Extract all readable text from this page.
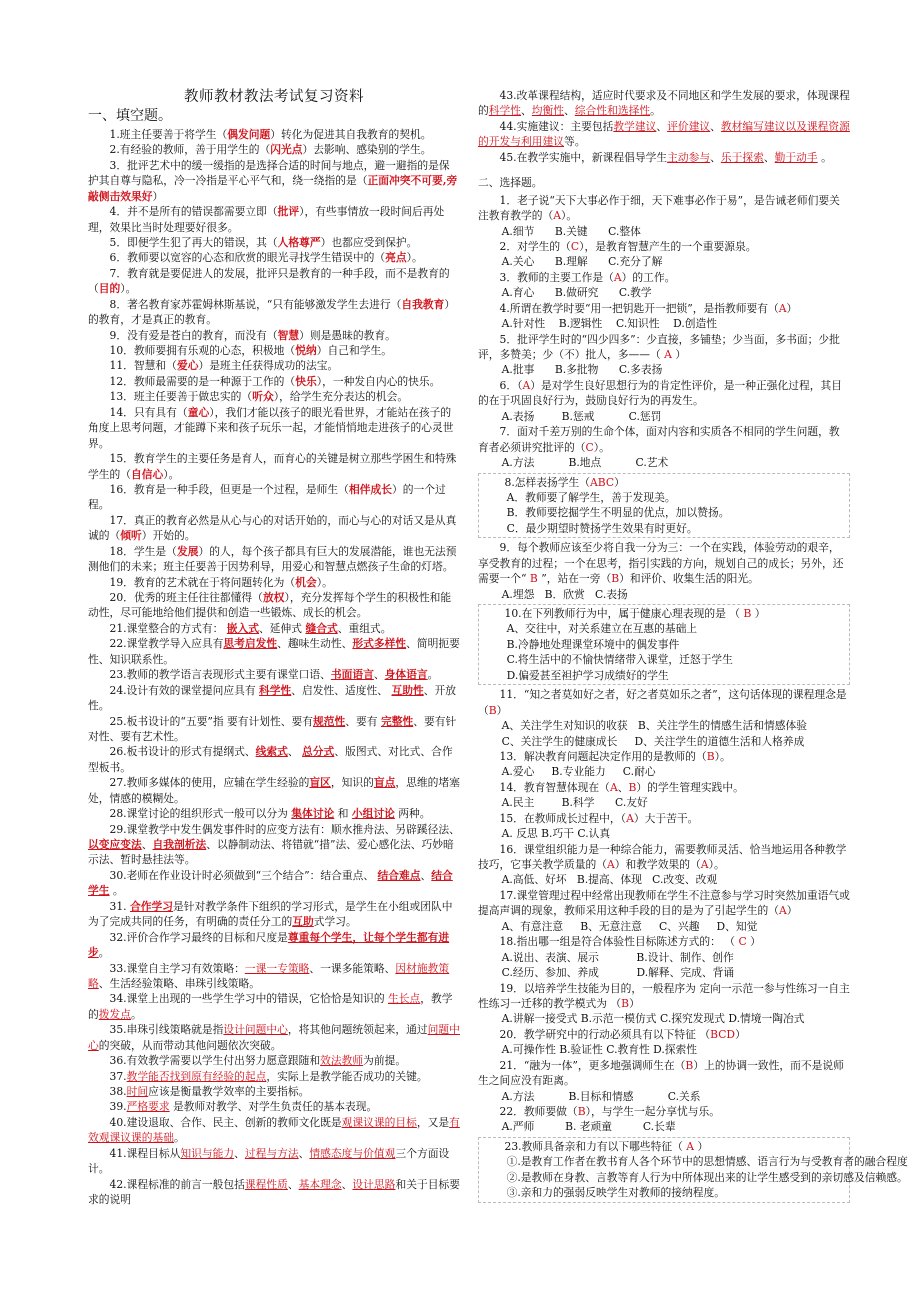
教师教材教法考试复习资料

一、填空题。

1.班主任要善于将学生（偶发问题）转化为促进其自我教育的契机。

2.有经验的教师，善于用学生的（闪光点）去影响、感染别的学生。

3．批评艺术中的缓一缓指的是选择合适的时间与地点，避一避指的是保护其自尊与隐私，冷一冷指是平心平气和，绕一绕指的是（正面冲突不可要,旁敲侧击效果好）

4．并不是所有的错误都需要立即（批评），有些事情放一段时间后再处理，效果比当时处理要好很多。

5．即便学生犯了再大的错误，其（人格尊严）也都应受到保护。

6．教师要以宽容的心态和欣赏的眼光寻找学生错误中的（亮点）。

7．教育就是要促进人的发展，批评只是教育的一种手段，而不是教育的（目的）。

8．著名教育家苏霍姆林斯基说，“只有能够激发学生去进行（自我教育）的教育，才是真正的教育。

9．没有爱是苍白的教育，而没有（智慧）则是愚昧的教育。

10．教师要拥有乐观的心态，积极地（悦纳）自己和学生。

11．智慧和（爱心）是班主任获得成功的法宝。

12．教师最需要的是一种源于工作的（快乐），一种发自内心的快乐。

13．班主任要善于做忠实的（听众），给学生充分表达的机会。

14．只有具有（童心），我们才能以孩子的眼光看世界，才能站在孩子的角度上思考问题，才能蹲下来和孩子玩乐一起，才能悄悄地走进孩子的心灵世界。

15．教育学生的主要任务是育人，而育心的关键是树立那些学困生和特殊学生的（自信心）。

16．教育是一种手段，但更是一个过程，是师生（相伴成长）的一个过程。

17．真正的教育必然是从心与心的对话开始的，而心与心的对话又是从真诚的（倾听）开始的。

18．学生是（发展）的人，每个孩子都具有巨大的发展潜能，谁也无法预测他们的未来；班主任要善于因势利导，用爱心和智慧点燃孩子生命的灯塔。

19．教育的艺术就在于将问题转化为（机会）。

20．优秀的班主任往往都懂得（放权），充分发挥每个学生的积极性和能动性，尽可能地给他们提供和创造一些锻炼、成长的机会。

21.课堂整合的方式有： 嵌入式、延伸式 缝合式、重组式。

22.课堂教学导入应具有思考启发性、趣味生动性、形式多样性、简明扼要性、知识联系性。

23.教师的教学语言表现形式主要有课堂口语、书面语言、身体语言。

24.设计有效的课堂提问应具有 科学性、启发性、适度性、 互助性、开放性。

25.板书设计的“五要”指 要有计划性、要有规范性、要有 完整性、要有针对性、要有艺术性。

26.板书设计的形式有提纲式、线索式、 总分式、版图式、对比式、合作型板书。

27.教师多媒体的使用，应辅在学生经验的盲区，知识的盲点，思维的堵塞处，情感的模糊处。

28.课堂讨论的组织形式一般可以分为 集体讨论 和 小组讨论 两种。

29.课堂教学中发生偶发事件时的应变方法有：顺水推舟法、另辟蹊径法、以变应变法、自我剖析法、以静制动法、将错就“措”法、爱心感化法、巧妙暗示法、暂时悬挂法等。

30.老师在作业设计时必须做到“三个结合”：结合重点、 结合难点、结合学生 。

31. 合作学习是针对教学条件下组织的学习形式，是学生在小组或团队中为了完成共同的任务，有明确的责任分工的互助式学习。

32.评价合作学习最终的目标和尺度是尊重每个学生，让每个学生都有进步。

33.课堂自主学习有效策略：一课一专策略、一课多能策略、因材施教策略、生活经验策略、串珠引线策略。

34.课堂上出现的一些学生学习中的错误，它恰恰是知识的 生长点，教学的拨发点。

35.串珠引线策略就是指设计问题中心，将其他问题统领起来，通过问题中心的突破，从而带动其他问题依次突破。

36.有效教学需要以学生付出努力愿意跟随和效法教师为前提。

37.教学能否找到原有经验的起点，实际上是教学能否成功的关键。

38.时间应该是衡量教学效率的主要指标。

39.严格要求 是教师对教学、对学生负责任的基本表现。

40.建设退取、合作、民主、创新的教师文化既是观课议课的目标，又是有效观课议课的基础。

41.课程目标从知识与能力、过程与方法、情感态度与价值观三个方面设计。

42.课程标准的前言一般包括课程性质、基本理念、设计思路和关于目标要求的说明

43.改革课程结构，适应时代要求及不同地区和学生发展的要求，体现课程的科学性、均衡性、综合性和选择性。

44.实施建议：主要包括教学建议、评价建议、教材编写建议以及课程资源的开发与利用建议等。

45.在教学实施中，新课程倡导学生主动参与、乐于探索、勤于动手 。

二、选择题。

1．老子说“天下大事必作于细，天下难事必作于易”，是告诫老师们要关注教育教学的（A）。

A.细节      B.关键      C.整体

2．对学生的（C），是教育智慧产生的一个重要源泉。

A.关心      B.理解      C.充分了解

3．教师的主要工作是（A）的工作。

A.育心      B.做研究      C.教学

4.所谓在教学时要“用一把钥匙开一把锁”，是指教师要有（A）

A.针对性    B.逻辑性    C.知识性    D.创造性

5．批评学生时的“四少四多”：少直接，多铺垫；少当面，多书面；少批评，多赞美；少（不）批人，多——（ A ）

A.批事      B.多批物      C.多表扬

6．（A）是对学生良好思想行为的肯定性评价，是一种正强化过程，其目的在于巩固良好行为，鼓励良好行为的再发生。

A.表扬        B.惩戒          C.惩罚

7．面对千差万别的生命个体，面对内容和实质各不相同的学生问题，教育者必须讲究批评的（C）。

A.方法          B.地点          C.艺术

8.怎样表扬学生（ABC）

A．教师要了解学生，善于发现美。

B．教师要挖掘学生不明显的优点，加以赞扬。

C．最少期望时赞扬学生效果有时更好。

9．每个教师应该至少将自我一分为三：一个在实践，体验劳动的艰辛，享受教育的过程；一个在思考，指引实践的方向，规划自己的成长；另外，还需要一个“ B ”，站在一旁（B）和评价、收集生活的阳光。

A.埋怨   B．欣赏   C.表扬

10.在下列教师行为中，属于健康心理表现的是 （ B ）

A、交往中，对关系建立在互惠的基础上

B.冷静地处理课堂环境中的偶发事件

C.将生活中的不愉快情绪带入课堂，迁怒于学生

D.偏爱甚至袒护学习成绩好的学生

11．“知之者莫如好之者，好之者莫如乐之者”，这句话体现的课程理念是（B）

A、关注学生对知识的收获   B、关注学生的情感生活和情感体验

C、关注学生的健康成长     D、关注学生的道德生活和人格养成

13．解决教育问题起决定作用的是教师的（B）。

A.爱心     B.专业能力     C.耐心

14．教育智慧体现在（A、B）的学生管理实践中。

A.民主        B.科学      C.友好

15．在教师成长过程中，（A）大于苦干。

A. 反思 B.巧干 C.认真

16．课堂组织能力是一种综合能力，需要教师灵活、恰当地运用各种教学技巧，它事关教学质量的（A）和教学效果的（A）。

A.高低、好坏   B.提高、体现   C.改变、改观

17.课堂管理过程中经常出现教师在学生不注意参与学习时突然加重语气或提高声调的现象，教师采用这种手段的目的是为了引起学生的（A）

A、有意注意     B、无意注意     C、兴趣     D、知觉

18.指出哪一组是符合体验性目标陈述方式的： （ C ）

A.说出、表演、展示           B.设计、制作、创作

C.经历、参加、养成           D.解释、完成、背诵

19．以培养学生技能为目的，一般程序为 定向一示范一参与性练习一自主性练习一迁移的教学模式为 （B）

A.讲解一接受式 B.示范一模仿式 C.探究发现式 D.情境一陶冶式

20．教学研究中的行动必须具有以下特征 （BCD）

A.可操作性 B.验证性 C.教育性 D.探索性

21．“融为一体”，更多地强调师生在（B）上的协调一致性，而不是说师生之间应没有距离。

A.方法          B.目标和情感          C.关系

22．教师要做（B），与学生一起分享忧与乐。

A.严师         B. 老顽童         C.长辈

23.教师具备亲和力有以下哪些特征（ A ）

①.是教育工作者在教书育人各个环节中的思想情感、语言行为与受教育者的融合程度

②.是教师在身教、言教等育人行为中所体现出来的让学生感受到的亲切感及信赖感。

③.亲和力的强弱反映学生对教师的接纳程度。
